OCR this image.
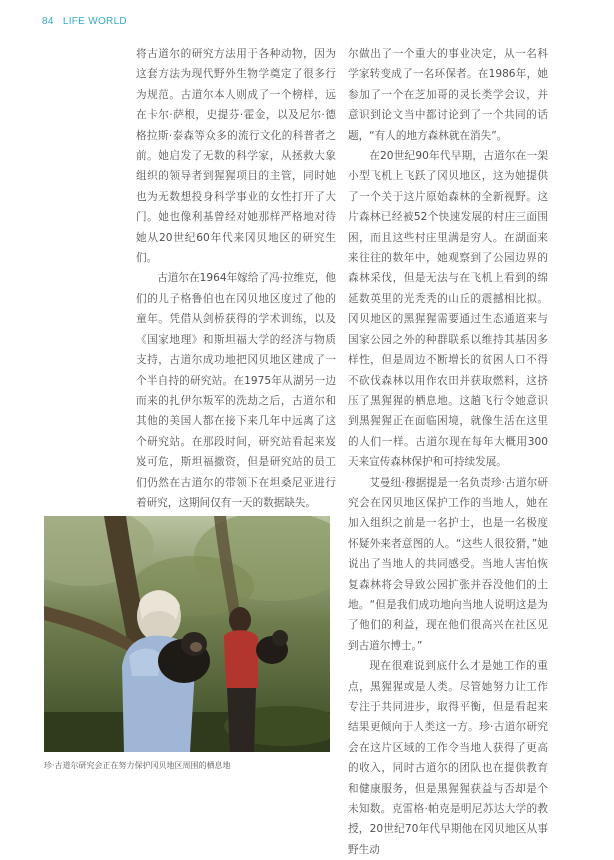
84 LIFE WORLD

将古道尔的研究方法用于各种动物，因为这套方法为现代野外生物学奠定了很多行为规范。古道尔本人则成了一个榜样，远在卡尔·萨根，史提芬·霍金，以及尼尔·德格拉斯·泰森等众多的流行文化的科普者之前。她启发了无数的科学家，从拯救大象组织的领导者到猩猩项目的主管，同时她也为无数想投身科学事业的女性打开了大门。她也像利基曾经对她那样严格地对待她从20世纪60年代来冈贝地区的研究生们。

古道尔在1964年嫁给了冯·拉维克，他们的儿子格鲁伯也在冈贝地区度过了他的童年。凭借从剑桥获得的学术训练，以及《国家地理》和斯坦福大学的经济与物质支持，古道尔成功地把冈贝地区建成了一个半自持的研究站。在1975年从湖另一边而来的扎伊尔叛军的洗劫之后，古道尔和其他的美国人都在接下来几年中远离了这个研究站。在那段时间，研究站看起来岌岌可危，斯坦福撤资，但是研究站的员工们仍然在古道尔的带领下在坦桑尼亚进行着研究，这期间仅有一天的数据缺失。

尔做出了一个重大的事业决定，从一名科学家转变成了一名环保者。在1986年，她参加了一个在芝加哥的灵长类学会议，并意识到论文当中都讨论到了一个共同的话题，“有人的地方森林就在消失”。

在20世纪90年代早期，古道尔在一架小型飞机上飞跃了冈贝地区，这为她提供了一个关于这片原始森林的全新视野。这片森林已经被52个快速发展的村庄三面围困，而且这些村庄里满是穷人。在湖面来来往往的数年中，她观察到了公园边界的森林采伐，但是无法与在飞机上看到的绵延数英里的光秃秃的山丘的震撼相比拟。冈贝地区的黑猩猩需要通过生态通道来与国家公园之外的种群联系以维持其基因多样性，但是周边不断增长的贫困人口不得不砍伐森林以用作农田并获取燃料，这挤压了黑猩猩的栖息地。这趟飞行令她意识到黑猩猩正在面临困境，就像生活在这里的人们一样。古道尔现在每年大概用300天来宣传森林保护和可持续发展。

艾曼纽·穆据提是一名负责珍·古道尔研究会在冈贝地区保护工作的当地人，她在加入组织之前是一名护士，也是一名极度怀疑外来者意图的人。“这些人很狡猾，”她说出了当地人的共同感受。当地人害怕恢复森林将会导致公园扩张并吞没他们的土地。“但是我们成功地向当地人说明这是为了他们的利益，现在他们很高兴在社区见到古道尔博士。”

现在很难说到底什么才是她工作的重点，黑猩猩或是人类。尽管她努力让工作专注于共同进步，取得平衡，但是看起来结果更倾向于人类这一方。珍·古道尔研究会在这片区域的工作令当地人获得了更高的收入，同时古道尔的团队也在提供教育和健康服务，但是黑猩猩获益与否却是个未知数。克雷格·帕克是明尼苏达大学的教授，20世纪70年代早期他在冈贝地区从事野生动

珍·古道尔研究会正在努力保护冈贝地区周围的栖息地
